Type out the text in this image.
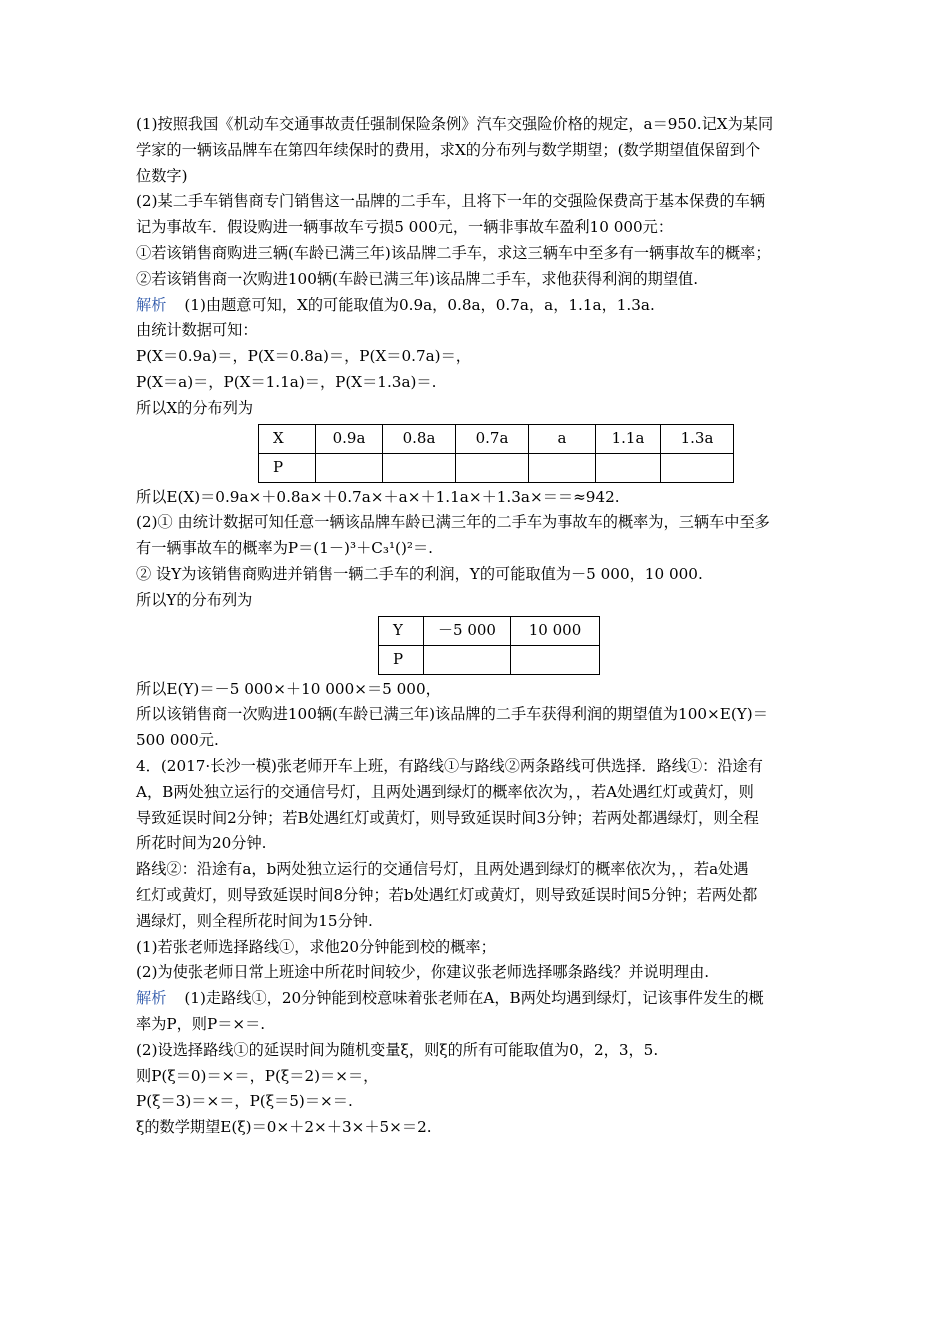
(1)按照我国《机动车交通事故责任强制保险条例》汽车交强险价格的规定，a＝950.记X为某同
学家的一辆该品牌车在第四年续保时的费用，求X的分布列与数学期望；(数学期望值保留到个
位数字)
(2)某二手车销售商专门销售这一品牌的二手车，且将下一年的交强险保费高于基本保费的车辆
记为事故车．假设购进一辆事故车亏损5 000元，一辆非事故车盈利10 000元：
①若该销售商购进三辆(车龄已满三年)该品牌二手车，求这三辆车中至多有一辆事故车的概率；
②若该销售商一次购进100辆(车龄已满三年)该品牌二手车，求他获得利润的期望值.
解析 (1)由题意可知，X的可能取值为0.9a，0.8a，0.7a，a，1.1a，1.3a.
由统计数据可知：
P(X＝0.9a)＝，P(X＝0.8a)＝，P(X＝0.7a)＝，
P(X＝a)＝，P(X＝1.1a)＝，P(X＝1.3a)＝.
所以X的分布列为
X	0.9a	0.8a	0.7a	a	1.1a	1.3a
P						
所以E(X)＝0.9a×＋0.8a×＋0.7a×＋a×＋1.1a×＋1.3a×＝＝≈942.
(2)① 由统计数据可知任意一辆该品牌车龄已满三年的二手车为事故车的概率为，三辆车中至多
有一辆事故车的概率为P＝(1－)³＋C₃¹()²＝.
② 设Y为该销售商购进并销售一辆二手车的利润，Y的可能取值为－5 000，10 000.
所以Y的分布列为
Y	－5 000	10 000
P		
所以E(Y)＝－5 000×＋10 000×＝5 000，
所以该销售商一次购进100辆(车龄已满三年)该品牌的二手车获得利润的期望值为100×E(Y)＝
500 000元.
4．(2017·长沙一模)张老师开车上班，有路线①与路线②两条路线可供选择．路线①：沿途有
A，B两处独立运行的交通信号灯，且两处遇到绿灯的概率依次为，，若A处遇红灯或黄灯，则
导致延误时间2分钟；若B处遇红灯或黄灯，则导致延误时间3分钟；若两处都遇绿灯，则全程
所花时间为20分钟.
路线②：沿途有a，b两处独立运行的交通信号灯，且两处遇到绿灯的概率依次为，，若a处遇
红灯或黄灯，则导致延误时间8分钟；若b处遇红灯或黄灯，则导致延误时间5分钟；若两处都
遇绿灯，则全程所花时间为15分钟.
(1)若张老师选择路线①，求他20分钟能到校的概率；
(2)为使张老师日常上班途中所花时间较少，你建议张老师选择哪条路线？并说明理由.
解析 (1)走路线①，20分钟能到校意味着张老师在A，B两处均遇到绿灯，记该事件发生的概
率为P，则P＝×＝.
(2)设选择路线①的延误时间为随机变量ξ，则ξ的所有可能取值为0，2，3，5.
则P(ξ＝0)＝×＝，P(ξ＝2)＝×＝，
P(ξ＝3)＝×＝，P(ξ＝5)＝×＝.
ξ的数学期望E(ξ)＝0×＋2×＋3×＋5×＝2.
